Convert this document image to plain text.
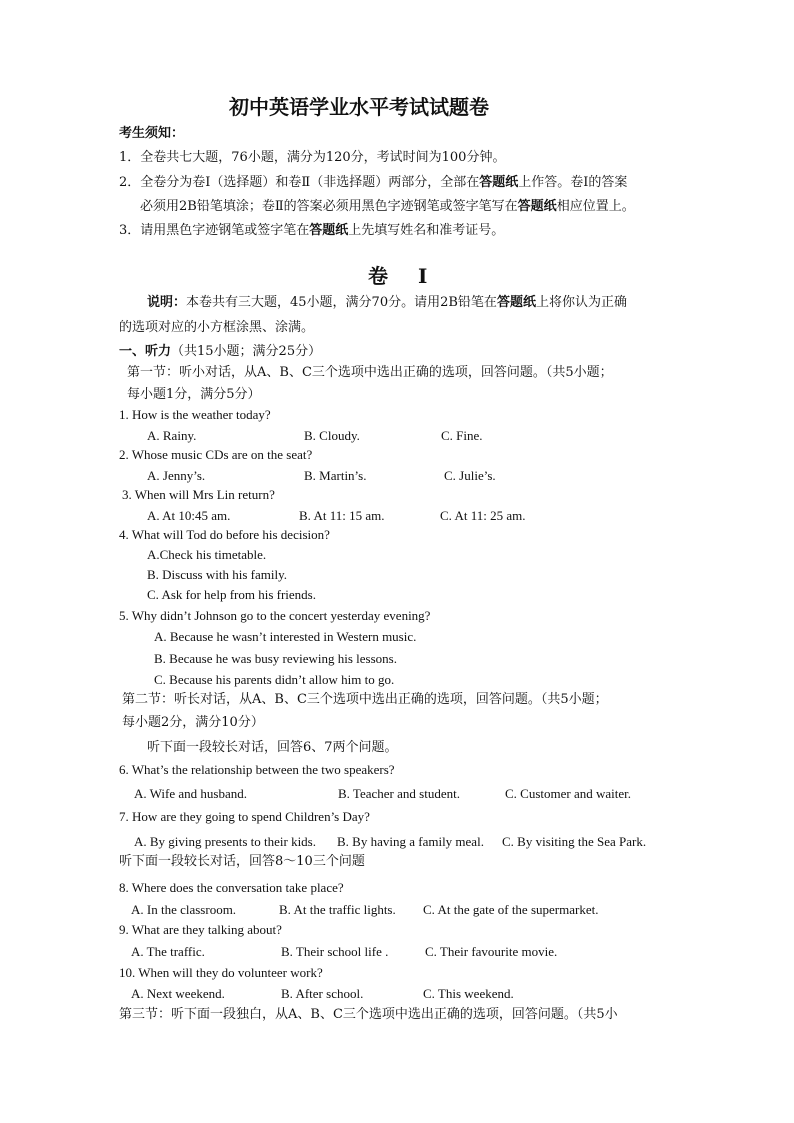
初中英语学业水平考试试题卷
考生须知：
1．全卷共七大题，76小题，满分为120分，考试时间为100分钟。
2．全卷分为卷Ⅰ（选择题）和卷Ⅱ（非选择题）两部分，全部在答题纸上作答。卷Ⅰ的答案
必须用2B铅笔填涂；卷Ⅱ的答案必须用黑色字迹钢笔或签字笔写在答题纸相应位置上。
3．请用黑色字迹钢笔或签字笔在答题纸上先填写姓名和准考证号。
卷 Ⅰ
说明：本卷共有三大题，45小题，满分70分。请用2B铅笔在答题纸上将你认为正确
的选项对应的小方框涂黑、涂满。
一、听力（共15小题；满分25分）
第一节：听小对话，从A、B、C三个选项中选出正确的选项，回答问题。（共5小题；
每小题1分，满分5分）
1. How is the weather today?
A. Rainy.	B. Cloudy.	C. Fine.
2. Whose music CDs are on the seat?
A. Jenny’s.	B. Martin’s.	C. Julie’s.
3. When will Mrs Lin return?
A. At 10:45 am.	B. At 11: 15 am.	C. At 11: 25 am.
4. What will Tod do before his decision?
A.Check his timetable.
B. Discuss with his family.
C. Ask for help from his friends.
5. Why didn’t Johnson go to the concert yesterday evening?
A. Because he wasn’t interested in Western music.
B. Because he was busy reviewing his lessons.
C. Because his parents didn’t allow him to go.
第二节：听长对话，从A、B、C三个选项中选出正确的选项，回答问题。（共5小题；
每小题2分，满分10分）
听下面一段较长对话，回答6、7两个问题。
6. What’s the relationship between the two speakers?
A. Wife and husband.	B. Teacher and student.	C. Customer and waiter.
7. How are they going to spend Children’s Day?
A. By giving presents to their kids. B. By having a family meal. C. By visiting the Sea Park.
听下面一段较长对话，回答8～10三个问题
8. Where does the conversation take place?
A. In the classroom.	B. At the traffic lights. C. At the gate of the supermarket.
9. What are they talking about?
A. The traffic.	B. Their school life .	C. Their favourite movie.
10. When will they do volunteer work?
A. Next weekend.	B. After school.	C. This weekend.
第三节：听下面一段独白，从A、B、C三个选项中选出正确的选项，回答问题。（共5小
